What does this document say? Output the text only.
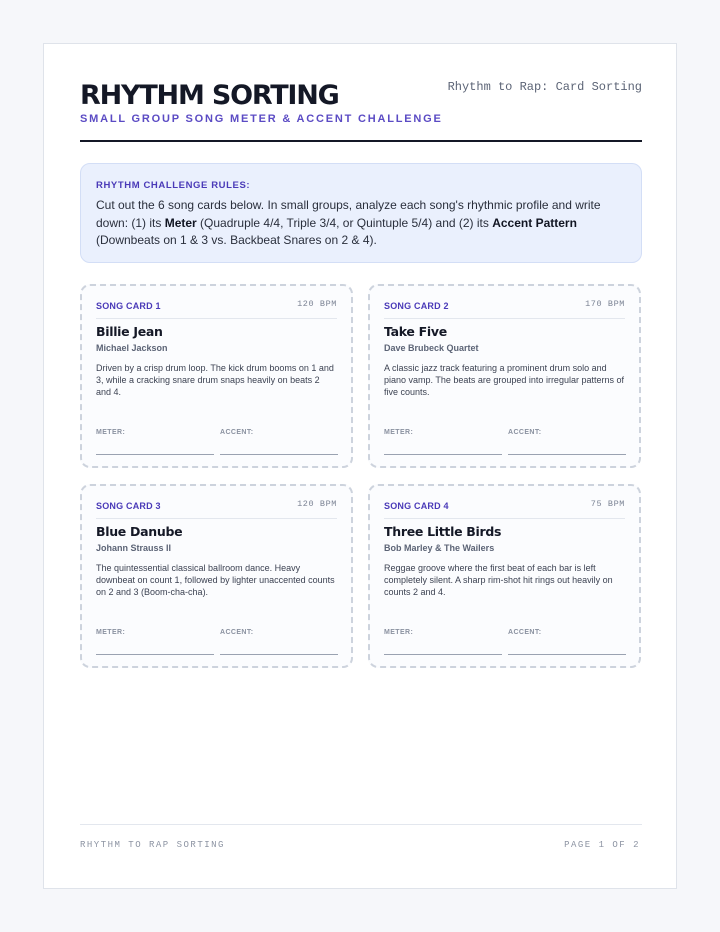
RHYTHM SORTING
SMALL GROUP SONG METER & ACCENT CHALLENGE
Rhythm to Rap: Card Sorting
RHYTHM CHALLENGE RULES:
Cut out the 6 song cards below. In small groups, analyze each song's rhythmic profile and write down: (1) its Meter (Quadruple 4/4, Triple 3/4, or Quintuple 5/4) and (2) its Accent Pattern (Downbeats on 1 & 3 vs. Backbeat Snares on 2 & 4).
SONG CARD 1	120 BPM
Billie Jean
Michael Jackson
Driven by a crisp drum loop. The kick drum booms on 1 and 3, while a cracking snare drum snaps heavily on beats 2 and 4.
METER:	ACCENT:
SONG CARD 2	170 BPM
Take Five
Dave Brubeck Quartet
A classic jazz track featuring a prominent drum solo and piano vamp. The beats are grouped into irregular patterns of five counts.
METER:	ACCENT:
SONG CARD 3	120 BPM
Blue Danube
Johann Strauss II
The quintessential classical ballroom dance. Heavy downbeat on count 1, followed by lighter unaccented counts on 2 and 3 (Boom-cha-cha).
METER:	ACCENT:
SONG CARD 4	75 BPM
Three Little Birds
Bob Marley & The Wailers
Reggae groove where the first beat of each bar is left completely silent. A sharp rim-shot hit rings out heavily on counts 2 and 4.
METER:	ACCENT:
RHYTHM TO RAP SORTING	PAGE 1 OF 2
